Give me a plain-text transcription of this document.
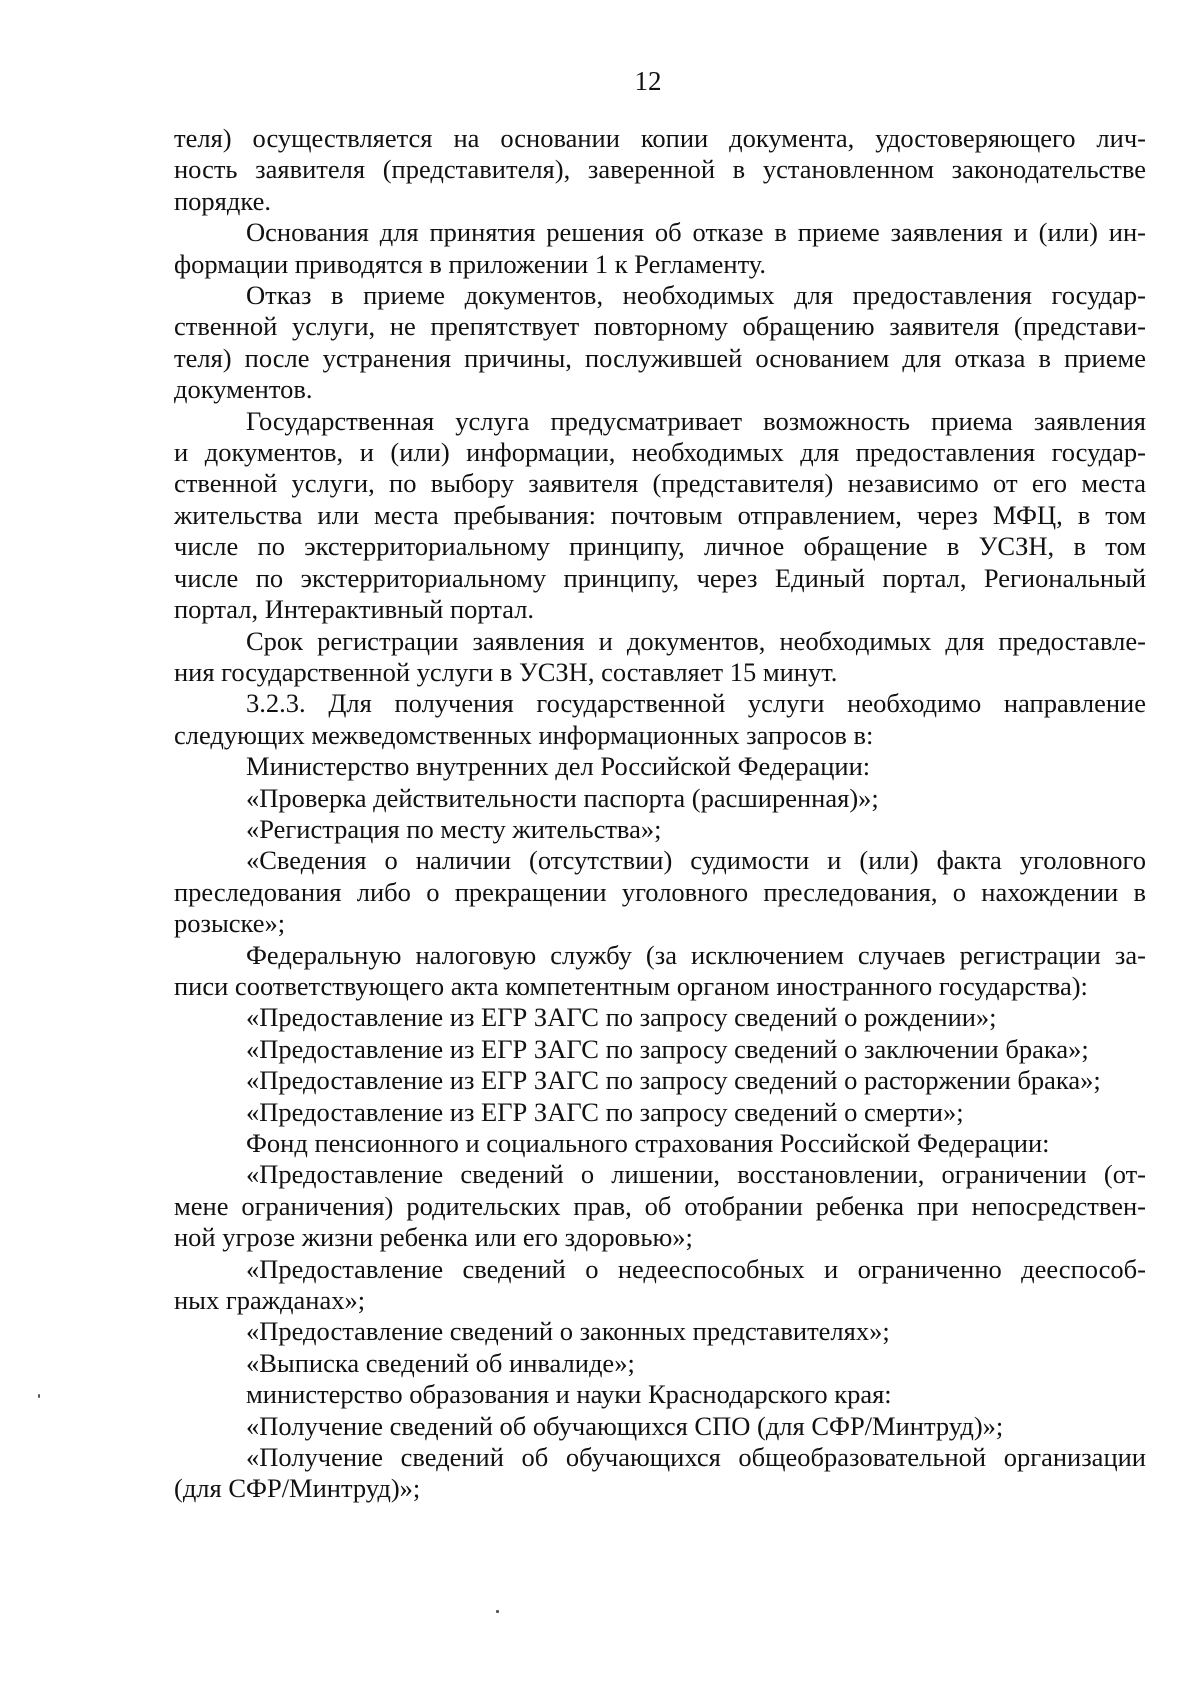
12
теля) осуществляется на основании копии документа, удостоверяющего лич-
ность заявителя (представителя), заверенной в установленном законодательстве
порядке.
Основания для принятия решения об отказе в приеме заявления и (или) ин-
формации приводятся в приложении 1 к Регламенту.
Отказ в приеме документов, необходимых для предоставления государ-
ственной услуги, не препятствует повторному обращению заявителя (представи-
теля) после устранения причины, послужившей основанием для отказа в приеме
документов.
Государственная услуга предусматривает возможность приема заявления
и документов, и (или) информации, необходимых для предоставления государ-
ственной услуги, по выбору заявителя (представителя) независимо от его места
жительства или места пребывания: почтовым отправлением, через МФЦ, в том
числе по экстерриториальному принципу, личное обращение в УСЗН, в том
числе по экстерриториальному принципу, через Единый портал, Региональный
портал, Интерактивный портал.
Срок регистрации заявления и документов, необходимых для предоставле-
ния государственной услуги в УСЗН, составляет 15 минут.
3.2.3. Для получения государственной услуги необходимо направление
следующих межведомственных информационных запросов в:
Министерство внутренних дел Российской Федерации:
«Проверка действительности паспорта (расширенная)»;
«Регистрация по месту жительства»;
«Сведения о наличии (отсутствии) судимости и (или) факта уголовного
преследования либо о прекращении уголовного преследования, о нахождении в
розыске»;
Федеральную налоговую службу (за исключением случаев регистрации за-
писи соответствующего акта компетентным органом иностранного государства):
«Предоставление из ЕГР ЗАГС по запросу сведений о рождении»;
«Предоставление из ЕГР ЗАГС по запросу сведений о заключении брака»;
«Предоставление из ЕГР ЗАГС по запросу сведений о расторжении брака»;
«Предоставление из ЕГР ЗАГС по запросу сведений о смерти»;
Фонд пенсионного и социального страхования Российской Федерации:
«Предоставление сведений о лишении, восстановлении, ограничении (от-
мене ограничения) родительских прав, об отобрании ребенка при непосредствен-
ной угрозе жизни ребенка или его здоровью»;
«Предоставление сведений о недееспособных и ограниченно дееспособ-
ных гражданах»;
«Предоставление сведений о законных представителях»;
«Выписка сведений об инвалиде»;
министерство образования и науки Краснодарского края:
«Получение сведений об обучающихся СПО (для СФР/Минтруд)»;
«Получение сведений об обучающихся общеобразовательной организации
(для СФР/Минтруд)»;
